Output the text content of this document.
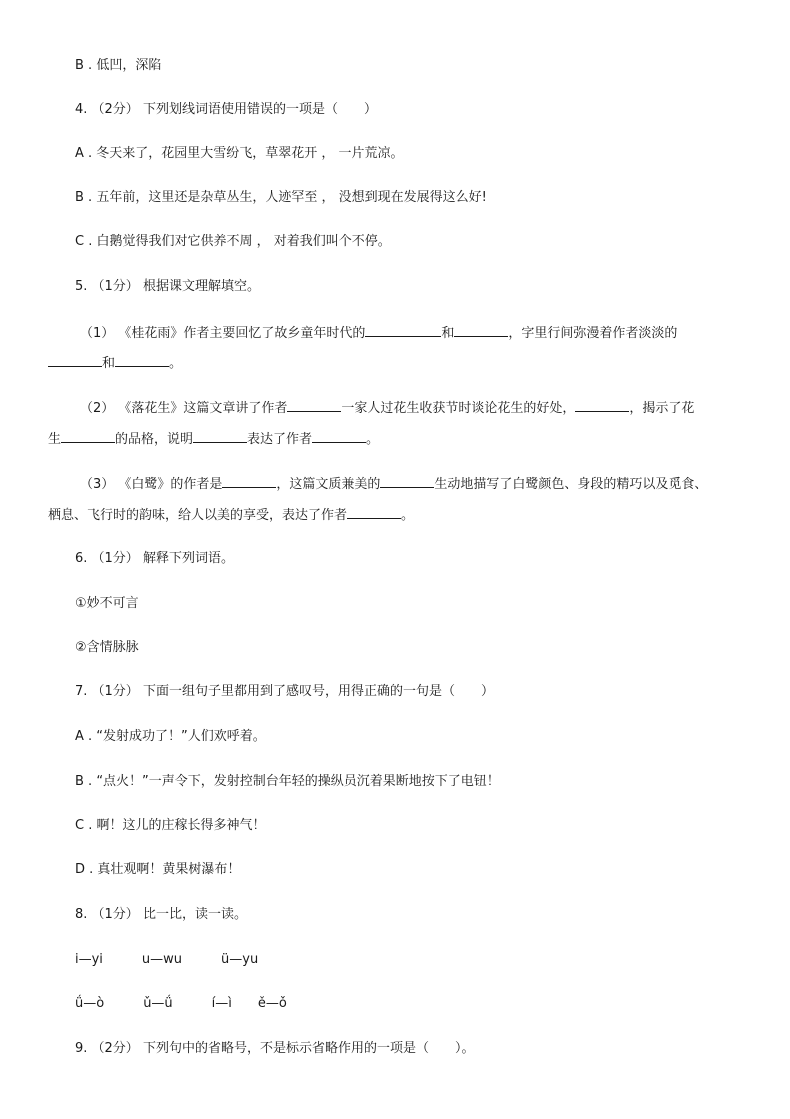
B . 低凹，深陷
4. （2分） 下列划线词语使用错误的一项是（　　）
A . 冬天来了，花园里大雪纷飞，草翠花开 ， 一片荒凉。
B . 五年前，这里还是杂草丛生，人迹罕至 ， 没想到现在发展得这么好!
C . 白鹅觉得我们对它供养不周 ， 对着我们叫个不停。
5. （1分） 根据课文理解填空。
（1） 《桂花雨》作者主要回忆了故乡童年时代的	和	，字里行间弥漫着作者淡淡的
和	。
（2） 《落花生》这篇文章讲了作者	一家人过花生收获节时谈论花生的好处，	，揭示了花
生	的品格，说明	表达了作者	。
（3） 《白鹭》的作者是	，这篇文质兼美的	生动地描写了白鹭颜色、身段的精巧以及觅食、
栖息、飞行时的韵味，给人以美的享受，表达了作者	。
6. （1分） 解释下列词语。
①妙不可言
②含情脉脉
7. （1分） 下面一组句子里都用到了感叹号，用得正确的一句是（　　）
A . “发射成功了！”人们欢呼着。
B . “点火！”一声令下，发射控制台年轻的操纵员沉着果断地按下了电钮！
C . 啊！这儿的庄稼长得多神气！
D . 真壮观啊！黄果树瀑布！
8. （1分） 比一比，读一读。
i—yi　　　u—wu　　　ü—yu
ǘ—ò　　　ǔ—ǘ　　　í—ì　　ě—ǒ
9. （2分） 下列句中的省略号，不是标示省略作用的一项是（　　）。
